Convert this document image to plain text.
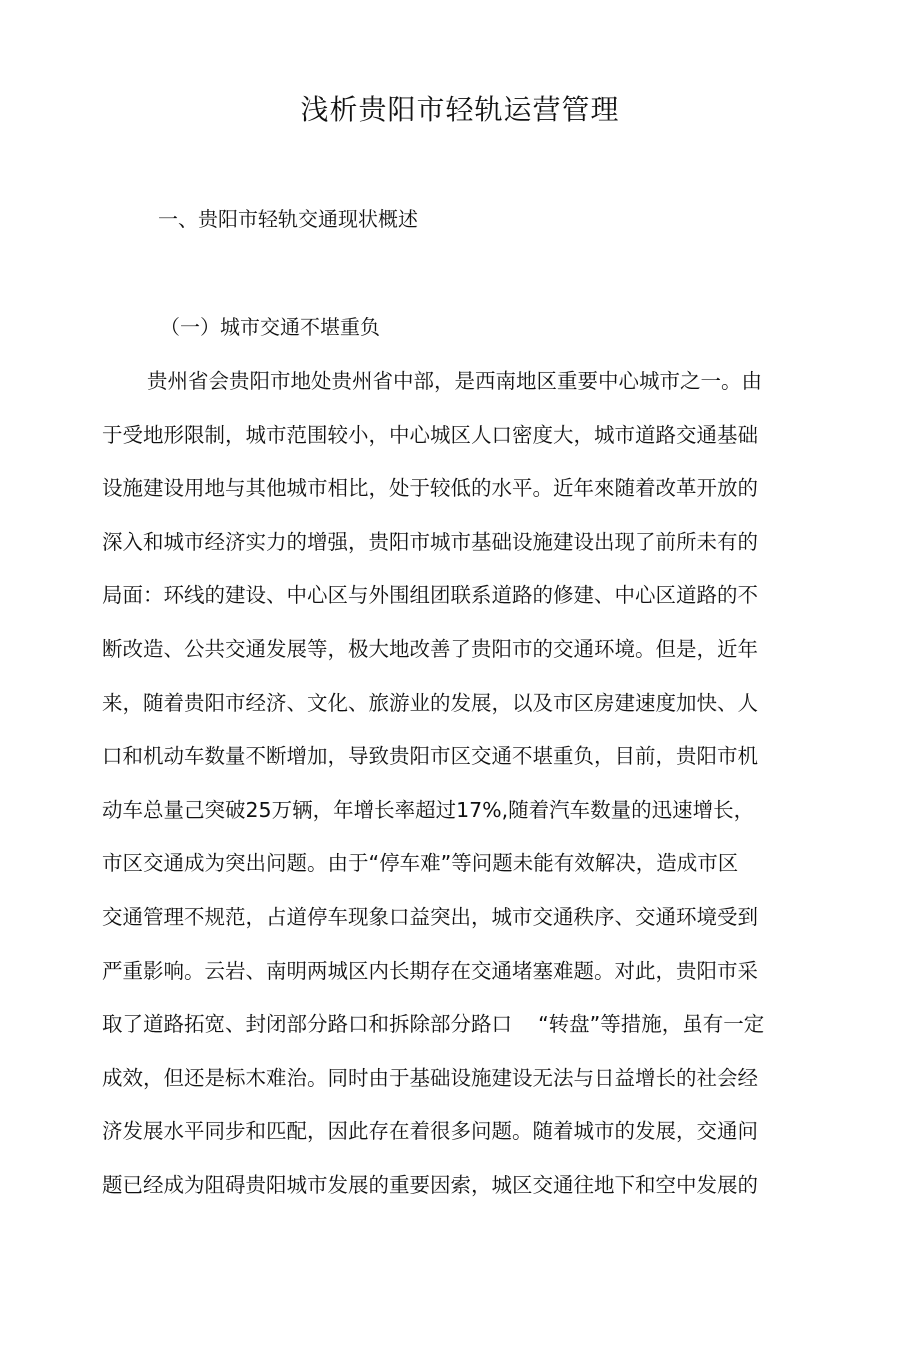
浅析贵阳市轻轨运营管理
一、贵阳市轻轨交通现状概述
（一）城市交通不堪重负
贵州省会贵阳市地处贵州省中部，是西南地区重要中心城市之一。由
于受地形限制，城市范围较小，中心城区人口密度大，城市道路交通基础
设施建设用地与其他城市相比，处于较低的水平。近年來随着改革开放的
深入和城市经济实力的增强，贵阳市城市基础设施建设出现了前所未有的
局面：环线的建设、中心区与外围组团联系道路的修建、中心区道路的不
断改造、公共交通发展等，极大地改善了贵阳市的交通环境。但是，近年
来，随着贵阳市经济、文化、旅游业的发展，以及市区房建速度加快、人
口和机动车数量不断增加，导致贵阳市区交通不堪重负，目前，贵阳市机
动车总量己突破25万辆，年增长率超过17%,随着汽车数量的迅速增长，
市区交通成为突出问题。由于“停车难”等问题未能有效解决，造成市区
交通管理不规范，占道停车现象口益突出，城市交通秩序、交通环境受到
严重影响。云岩、南明两城区内长期存在交通堵塞难题。对此，贵阳市采
取了道路拓宽、封闭部分路口和拆除部分路口    “转盘”等措施，虽有一定
成效，但还是标木难治。同时由于基础设施建设无法与日益增长的社会经
济发展水平同步和匹配，因此存在着很多问题。随着城市的发展，交通问
题已经成为阻碍贵阳城市发展的重要因索，城区交通往地下和空中发展的
